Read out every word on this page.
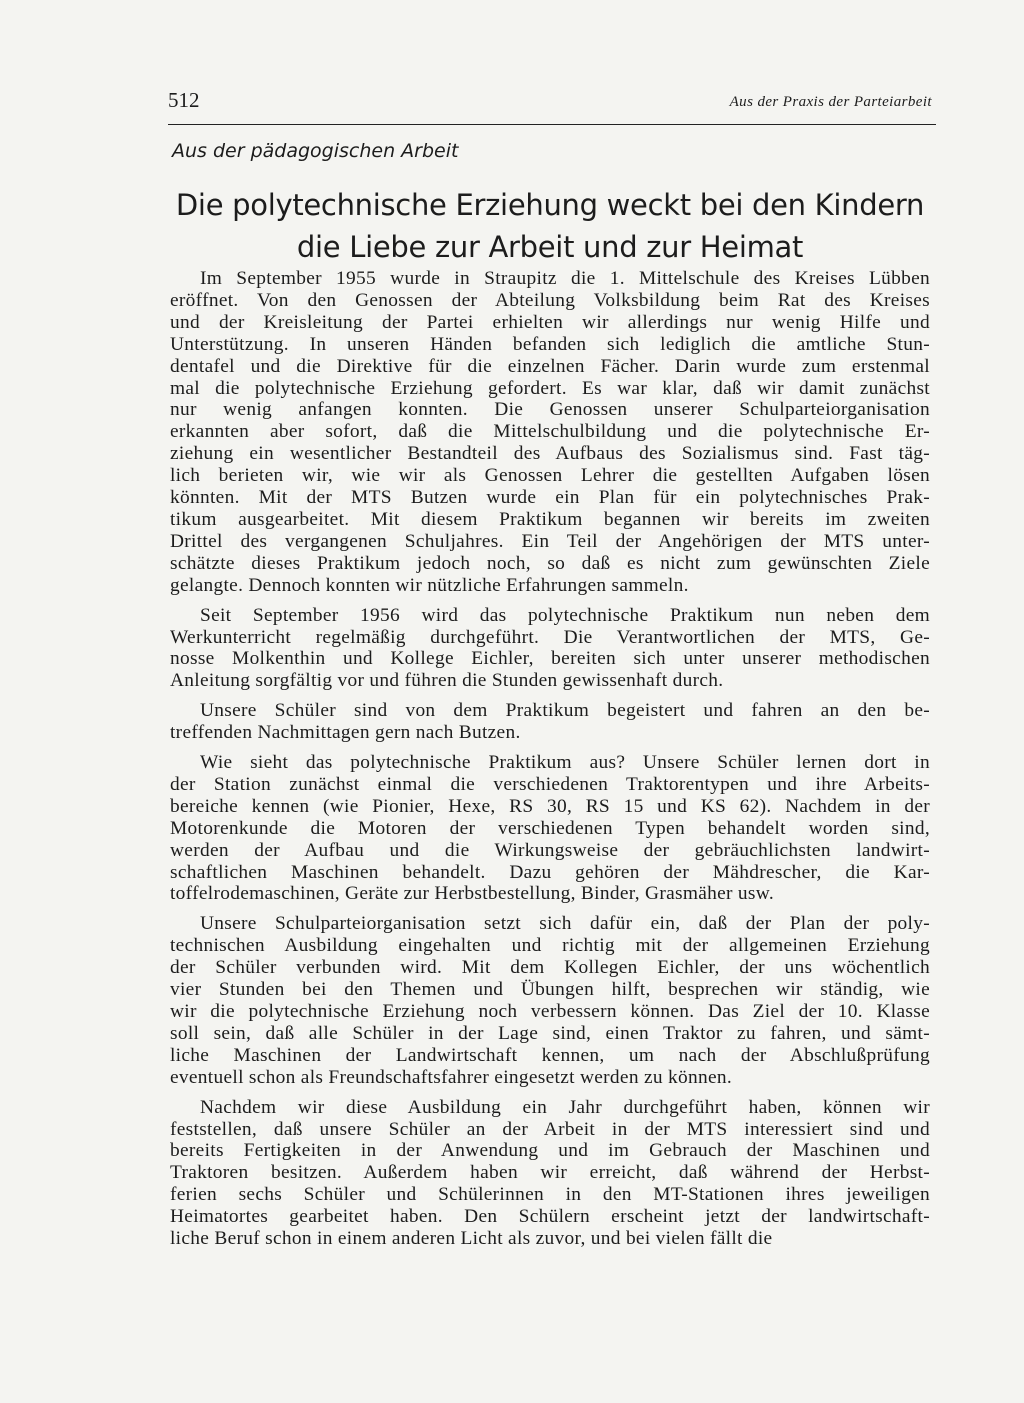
512	Aus der Praxis der Parteiarbeit
Aus der pädagogischen Arbeit
Die polytechnische Erziehung weckt bei den Kindern
die Liebe zur Arbeit und zur Heimat

Im September 1955 wurde in Straupitz die 1. Mittelschule des Kreises Lübben
eröffnet. Von den Genossen der Abteilung Volksbildung beim Rat des Kreises
und der Kreisleitung der Partei erhielten wir allerdings nur wenig Hilfe und
Unterstützung. In unseren Händen befanden sich lediglich die amtliche Stun-
dentafel und die Direktive für die einzelnen Fächer. Darin wurde zum erstenmal
mal die polytechnische Erziehung gefordert. Es war klar, daß wir damit zunächst
nur wenig anfangen konnten. Die Genossen unserer Schulparteiorganisation
erkannten aber sofort, daß die Mittelschulbildung und die polytechnische Er-
ziehung ein wesentlicher Bestandteil des Aufbaus des Sozialismus sind. Fast täg-
lich berieten wir, wie wir als Genossen Lehrer die gestellten Aufgaben lösen
könnten. Mit der MTS Butzen wurde ein Plan für ein polytechnisches Prak-
tikum ausgearbeitet. Mit diesem Praktikum begannen wir bereits im zweiten
Drittel des vergangenen Schuljahres. Ein Teil der Angehörigen der MTS unter-
schätzte dieses Praktikum jedoch noch, so daß es nicht zum gewünschten Ziele
gelangte. Dennoch konnten wir nützliche Erfahrungen sammeln.

Seit September 1956 wird das polytechnische Praktikum nun neben dem
Werkunterricht regelmäßig durchgeführt. Die Verantwortlichen der MTS, Ge-
nosse Molkenthin und Kollege Eichler, bereiten sich unter unserer methodischen
Anleitung sorgfältig vor und führen die Stunden gewissenhaft durch.

Unsere Schüler sind von dem Praktikum begeistert und fahren an den be-
treffenden Nachmittagen gern nach Butzen.

Wie sieht das polytechnische Praktikum aus? Unsere Schüler lernen dort in
der Station zunächst einmal die verschiedenen Traktorentypen und ihre Arbeits-
bereiche kennen (wie Pionier, Hexe, RS 30, RS 15 und KS 62). Nachdem in der
Motorenkunde die Motoren der verschiedenen Typen behandelt worden sind,
werden der Aufbau und die Wirkungsweise der gebräuchlichsten landwirt-
schaftlichen Maschinen behandelt. Dazu gehören der Mähdrescher, die Kar-
toffelrodemaschinen, Geräte zur Herbstbestellung, Binder, Grasmäher usw.

Unsere Schulparteiorganisation setzt sich dafür ein, daß der Plan der poly-
technischen Ausbildung eingehalten und richtig mit der allgemeinen Erziehung
der Schüler verbunden wird. Mit dem Kollegen Eichler, der uns wöchentlich
vier Stunden bei den Themen und Übungen hilft, besprechen wir ständig, wie
wir die polytechnische Erziehung noch verbessern können. Das Ziel der 10. Klasse
soll sein, daß alle Schüler in der Lage sind, einen Traktor zu fahren, und sämt-
liche Maschinen der Landwirtschaft kennen, um nach der Abschlußprüfung
eventuell schon als Freundschaftsfahrer eingesetzt werden zu können.

Nachdem wir diese Ausbildung ein Jahr durchgeführt haben, können wir
feststellen, daß unsere Schüler an der Arbeit in der MTS interessiert sind und
bereits Fertigkeiten in der Anwendung und im Gebrauch der Maschinen und
Traktoren besitzen. Außerdem haben wir erreicht, daß während der Herbst-
ferien sechs Schüler und Schülerinnen in den MT-Stationen ihres jeweiligen
Heimatortes gearbeitet haben. Den Schülern erscheint jetzt der landwirtschaft-
liche Beruf schon in einem anderen Licht als zuvor, und bei vielen fällt die
